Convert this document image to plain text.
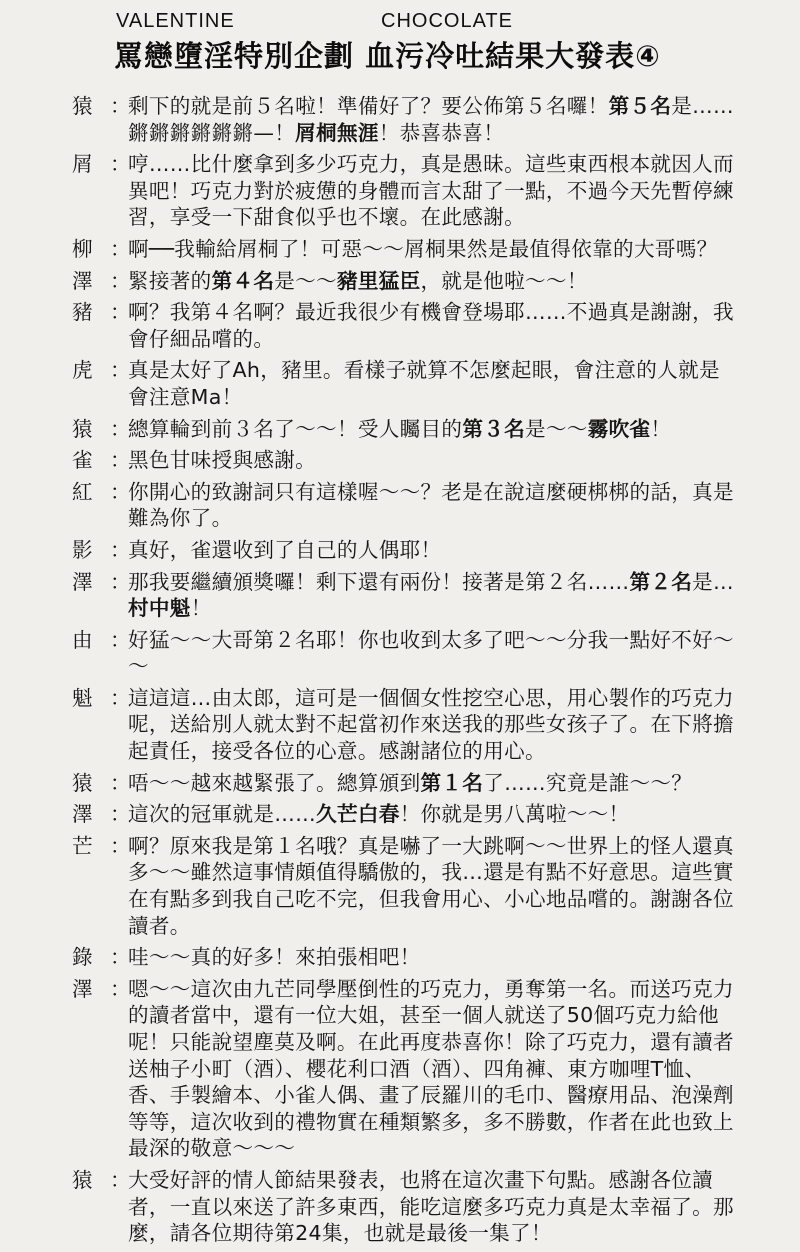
VALENTINE	CHOCOLATE
罵戀墮淫特別企劃 血污冷吐結果大發表④
猿 ：
剩下的就是前５名啦！準備好了？要公佈第５名囉！第５名是……鏘鏘鏘鏘鏘鏘—！屑桐無涯！恭喜恭喜！
屑 ：
哼……比什麼拿到多少巧克力，真是愚昧。這些東西根本就因人而異吧！巧克力對於疲憊的身體而言太甜了一點，不過今天先暫停練習，享受一下甜食似乎也不壞。在此感謝。
柳 ：
啊──我輸給屑桐了！可惡～～屑桐果然是最值得依靠的大哥嗎？
澤 ：
緊接著的第４名是～～豬里猛臣，就是他啦～～！
豬 ：
啊？我第４名啊？最近我很少有機會登場耶……不過真是謝謝，我會仔細品嚐的。
虎 ：
真是太好了Ah，豬里。看樣子就算不怎麼起眼，會注意的人就是會注意Ma！
猿 ：
總算輪到前３名了～～！受人矚目的第３名是～～霧吹雀！
雀 ：
黑色甘味授與感謝。
紅 ：
你開心的致謝詞只有這樣喔～～？老是在說這麼硬梆梆的話，真是難為你了。
影 ：
真好，雀還收到了自己的人偶耶！
澤 ：
那我要繼續頒獎囉！剩下還有兩份！接著是第２名……第２名是…村中魁！
由 ：
好猛～～大哥第２名耶！你也收到太多了吧～～分我一點好不好～～
魁 ：
這這這…由太郎，這可是一個個女性挖空心思，用心製作的巧克力呢，送給別人就太對不起當初作來送我的那些女孩子了。在下將擔起責任，接受各位的心意。感謝諸位的用心。
猿 ：
唔～～越來越緊張了。總算頒到第１名了……究竟是誰～～？
澤 ：
這次的冠軍就是……久芒白春！你就是男八萬啦～～！
芒 ：
啊？原來我是第１名哦？真是嚇了一大跳啊～～世界上的怪人還真多～～雖然這事情頗值得驕傲的，我…還是有點不好意思。這些實在有點多到我自己吃不完，但我會用心、小心地品嚐的。謝謝各位讀者。
錄 ：
哇～～真的好多！來拍張相吧！
澤 ：
嗯～～這次由九芒同學壓倒性的巧克力，勇奪第一名。而送巧克力的讀者當中，還有一位大姐，甚至一個人就送了50個巧克力給他呢！只能說望塵莫及啊。在此再度恭喜你！除了巧克力，還有讀者送柚子小町（酒）、櫻花利口酒（酒）、四角褲、東方咖哩T恤、香、手製繪本、小雀人偶、畫了辰羅川的毛巾、醫療用品、泡澡劑等等，這次收到的禮物實在種類繁多，多不勝數，作者在此也致上最深的敬意～～～
猿 ：
大受好評的情人節結果發表，也將在這次畫下句點。感謝各位讀者，一直以來送了許多東西，能吃這麼多巧克力真是太幸福了。那麼，請各位期待第24集，也就是最後一集了！
